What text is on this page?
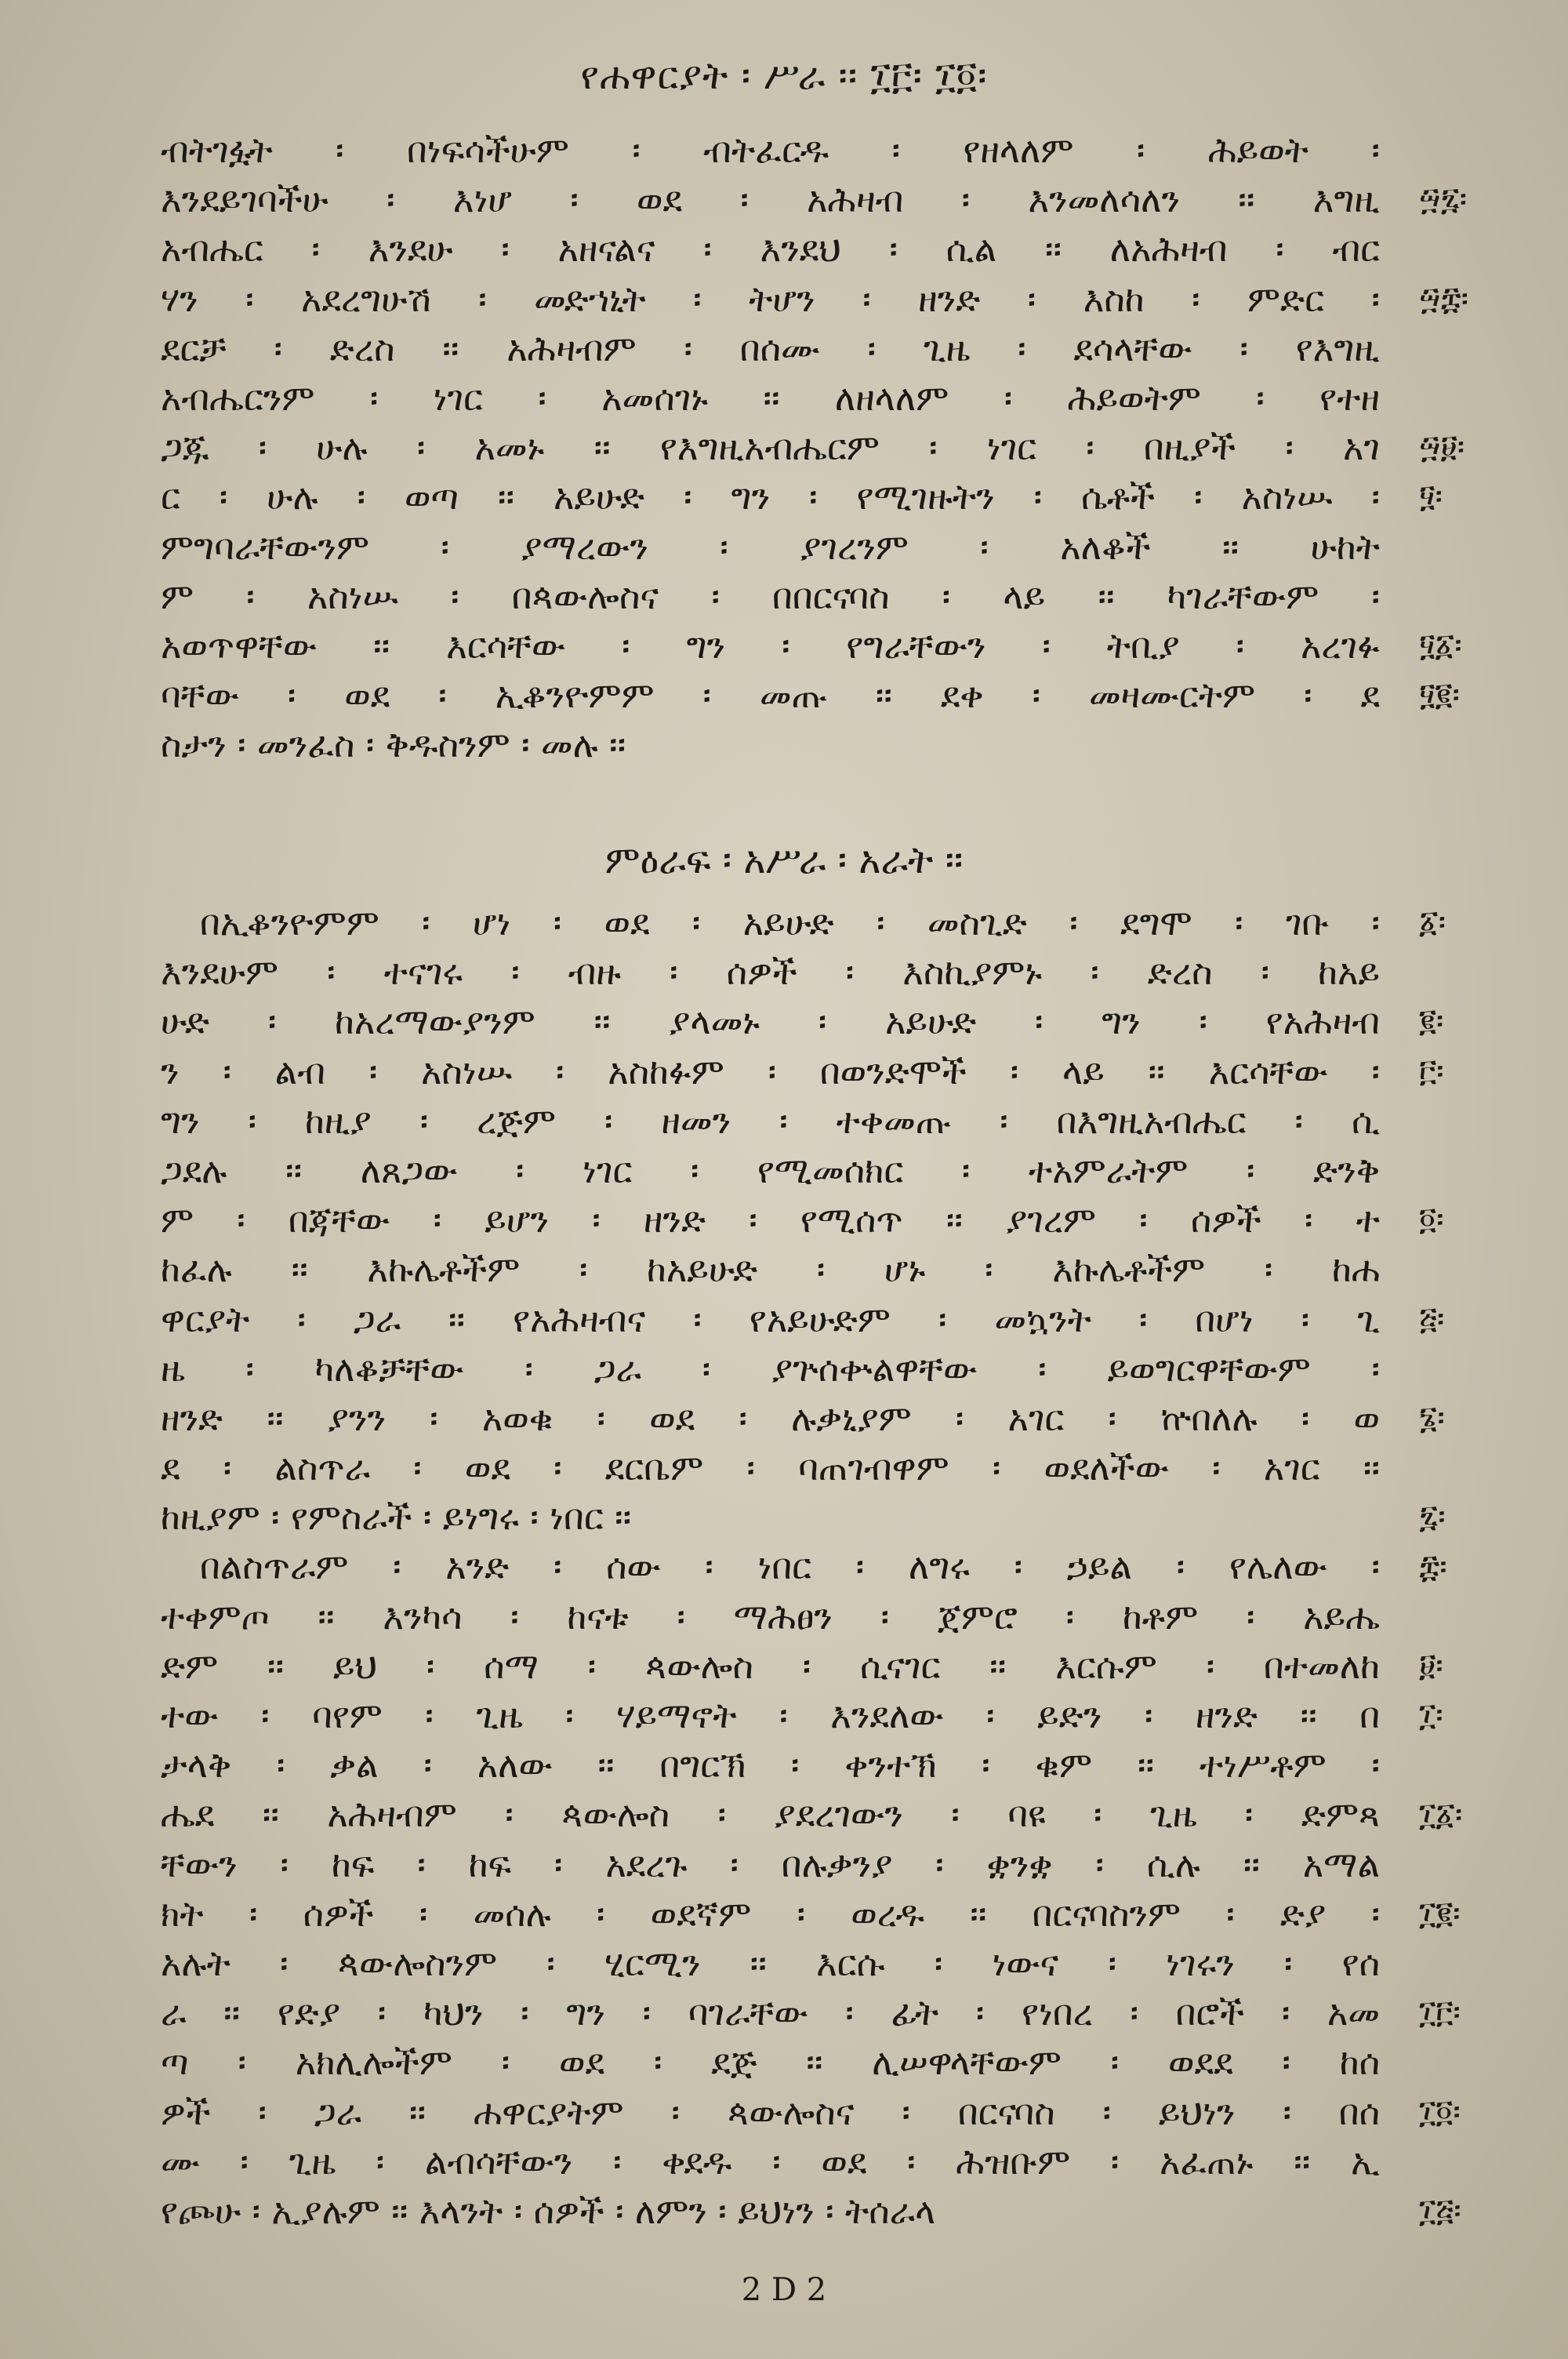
የሐዋርያት ፡ ሥራ ፡፡ ፲፫፡ ፲፬፡
ብትገፏት ፡ በነፍሳችሁም ፡ ብትፈርዱ ፡ የዘላለም ፡ ሕይወት ፡
እንደይገባችሁ ፡ እነሆ ፡ ወደ ፡ አሕዛብ ፡ እንመለሳለን ፡፡ እግዚ
አብሔር ፡ እንደሁ ፡ አዘናልና ፡ እንደህ ፡ ሲል ፡፡ ለአሕዛብ ፡ ብር
ሃን ፡ አደረግሁሽ ፡ መድኀኒት ፡ ትሆን ፡ ዘንድ ፡ እስከ ፡ ምድር ፡
ደርቻ ፡ ድረስ ፡፡ አሕዛብም ፡ በሰሙ ፡ ጊዜ ፡ ደሳላቸው ፡ የእግዚ
አብሔርንም ፡ ነገር ፡ አመሰገኑ ፡፡ ለዘላለም ፡ ሕይወትም ፡ የተዘ
ጋጁ ፡ ሁሉ ፡ አመኑ ፡፡ የእግዚአብሔርም ፡ ነገር ፡ በዚያች ፡ አገ
ር ፡ ሁሉ ፡ ወጣ ፡፡ አይሁድ ፡ ግን ፡ የሚገዙትን ፡ ሴቶች ፡ አስነሡ ፡
ምግባራቸውንም ፡ ያማረውን ፡ ያገረንም ፡ አለቆች ፡፡ ሁከት
ም ፡ አስነሡ ፡ በጳውሎስና ፡ በበርናባስ ፡ ላይ ፡፡ ካገራቸውም ፡
አወጥዋቸው ፡፡ እርሳቸው ፡ ግን ፡ የግራቸውን ፡ ትቢያ ፡ አረገፉ
ባቸው ፡ ወደ ፡ ኢቆንዮምም ፡ መጡ ፡፡ ደቀ ፡ መዛሙርትም ፡ ደ
ስታን ፡ መንፈስ ፡ ቅዱስንም ፡ መሉ ፡፡
፵፯፡
፵፰፡
፵፱፡
፶፡
፶፩፡
፶፪፡
ምዕራፍ ፡ አሥራ ፡ አራት ፡፡
በኢቆንዮምም ፡ ሆነ ፡ ወደ ፡ አይሁድ ፡ መስጊድ ፡ ደግሞ ፡ ገቡ ፡
እንደሁም ፡ ተናገሩ ፡ ብዙ ፡ ሰዎች ፡ እስኪያምኑ ፡ ድረስ ፡ ከአይ
ሁድ ፡ ከአረማውያንም ፡፡ ያላመኑ ፡ አይሁድ ፡ ግን ፡ የአሕዛብ
ን ፡ ልብ ፡ አስነሡ ፡ አስከፉም ፡ በወንድሞች ፡ ላይ ፡፡ እርሳቸው ፡
ግን ፡ ከዚያ ፡ ረጅም ፡ ዘመን ፡ ተቀመጡ ፡ በእግዚአብሔር ፡ ሲ
ጋደሉ ፡፡ ለጸጋው ፡ ነገር ፡ የሚመሰክር ፡ ተአምራትም ፡ ድንቅ
ም ፡ በጃቸው ፡ ይሆን ፡ ዘንድ ፡ የሚሰጥ ፡፡ ያገረም ፡ ሰዎች ፡ ተ
ከፈሉ ፡፡ እኩሌቶችም ፡ ከአይሁድ ፡ ሆኑ ፡ እኩሌቶችም ፡ ከሐ
ዋርያት ፡ ጋራ ፡፡ የአሕዛብና ፡ የአይሁድም ፡ መኳንት ፡ በሆነ ፡ ጊ
ዜ ፡ ካለቆቻቸው ፡ ጋራ ፡ ያጕሰቍልዋቸው ፡ ይወግርዋቸውም ፡
ዘንድ ፡፡ ያንን ፡ አወቁ ፡ ወደ ፡ ሉቃኒያም ፡ አገር ፡ ኵበለሉ ፡ ወ
ደ ፡ ልስጥራ ፡ ወደ ፡ ደርቤም ፡ ባጠገብዋም ፡ ወደለችው ፡ አገር ፡፡
ከዚያም ፡ የምስራች ፡ ይነግሩ ፡ ነበር ፡፡
በልስጥራም ፡ አንድ ፡ ሰው ፡ ነበር ፡ ለግሩ ፡ ኃይል ፡ የሌለው ፡
ተቀምጦ ፡፡ እንካሳ ፡ ከናቱ ፡ ማሕፀን ፡ ጀምሮ ፡ ከቶም ፡ አይሔ
ድም ፡፡ ይህ ፡ ሰማ ፡ ጳውሎስ ፡ ሲናገር ፡፡ እርሱም ፡ በተመለከ
ተው ፡ ባየም ፡ ጊዜ ፡ ሃይማኖት ፡ እንደለው ፡ ይድን ፡ ዘንድ ፡፡ በ
ታላቅ ፡ ቃል ፡ አለው ፡፡ በግርኽ ፡ ቀንተኽ ፡ ቁም ፡፡ ተነሥቶም ፡
ሔደ ፡፡ አሕዛብም ፡ ጳውሎስ ፡ ያደረገውን ፡ ባዩ ፡ ጊዜ ፡ ድምጻ
ቸውን ፡ ከፍ ፡ ከፍ ፡ አደረጉ ፡ በሉቃንያ ፡ ቋንቋ ፡ ሲሉ ፡፡ አማል
ክት ፡ ሰዎች ፡ መሰሉ ፡ ወደኛም ፡ ወረዱ ፡፡ በርናባስንም ፡ ድያ ፡
አሉት ፡ ጳውሎስንም ፡ ሂርሚን ፡፡ እርሱ ፡ ነውና ፡ ነገሩን ፡ የሰ
ራ ፡፡ የድያ ፡ ካህን ፡ ግን ፡ ባገራቸው ፡ ፊት ፡ የነበረ ፡ በሮች ፡ አመ
ጣ ፡ አክሊሎችም ፡ ወደ ፡ ደጅ ፡፡ ሊሠዋላቸውም ፡ ወደደ ፡ ከሰ
ዎች ፡ ጋራ ፡፡ ሐዋርያትም ፡ ጳውሎስና ፡ በርናባስ ፡ ይህነን ፡ በሰ
ሙ ፡ ጊዜ ፡ ልብሳቸውን ፡ ቀደዱ ፡ ወደ ፡ ሕዝቡም ፡ አፈጠኑ ፡፡ ኢ
የጮሁ ፡ ኢያሉም ፡፡ እላንት ፡ ሰዎች ፡ ለምን ፡ ይህነን ፡ ትሰራላ
፩፡
፪፡
፫፡
፬፡
፭፡
፮፡
፯፡
፰፡
፱፡
፲፡
፲፩፡
፲፪፡
፲፫፡
፲፬፡
፲፭፡
2 D 2
